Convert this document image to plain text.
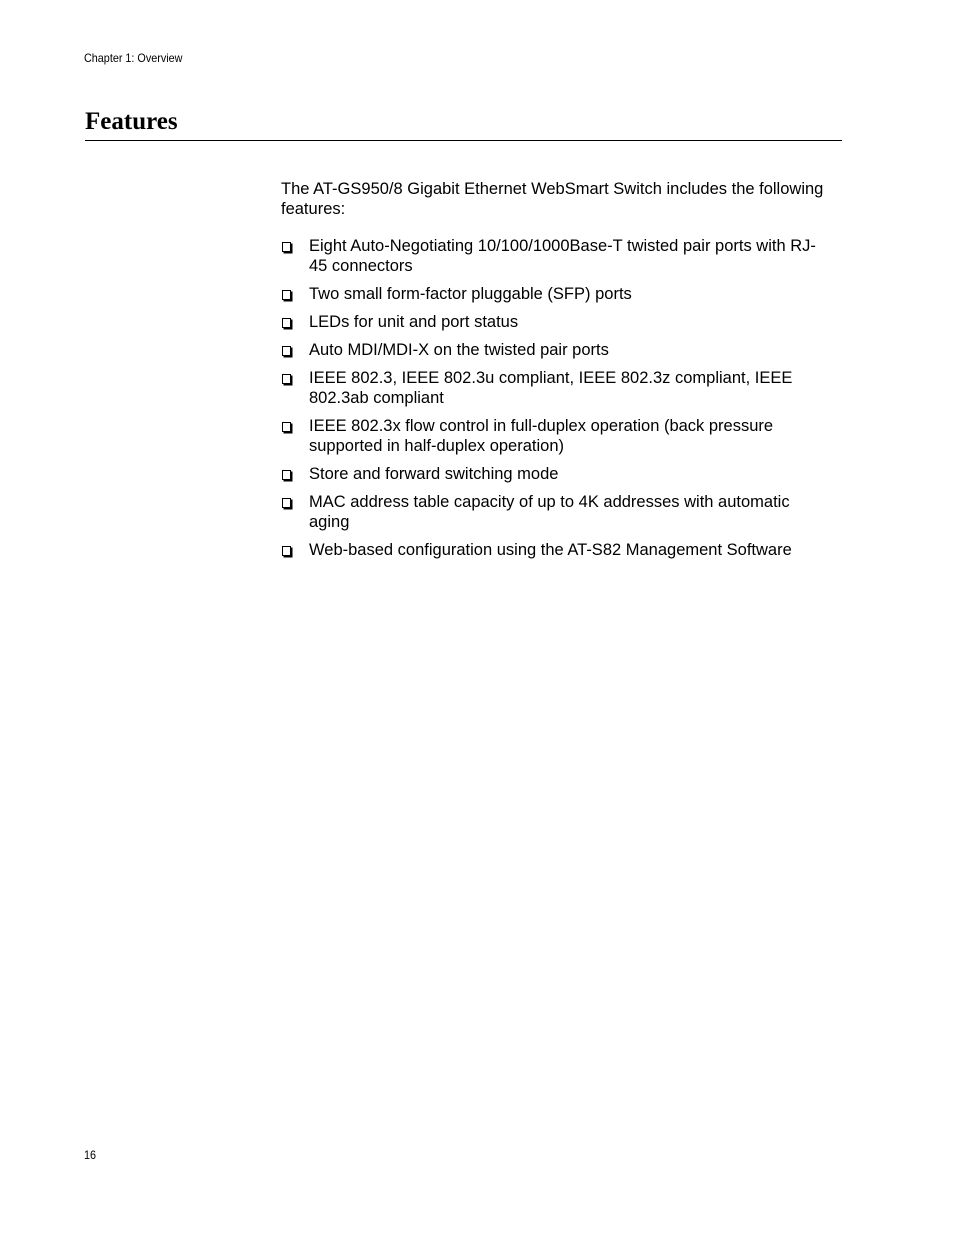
Chapter 1: Overview
Features

The AT-GS950/8 Gigabit Ethernet WebSmart Switch includes the following features:

Eight Auto-Negotiating 10/100/1000Base-T twisted pair ports with RJ-45 connectors
Two small form-factor pluggable (SFP) ports
LEDs for unit and port status
Auto MDI/MDI-X on the twisted pair ports
IEEE 802.3, IEEE 802.3u compliant, IEEE 802.3z compliant, IEEE 802.3ab compliant
IEEE 802.3x flow control in full-duplex operation (back pressure supported in half-duplex operation)
Store and forward switching mode
MAC address table capacity of up to 4K addresses with automatic aging
Web-based configuration using the AT-S82 Management Software
16
